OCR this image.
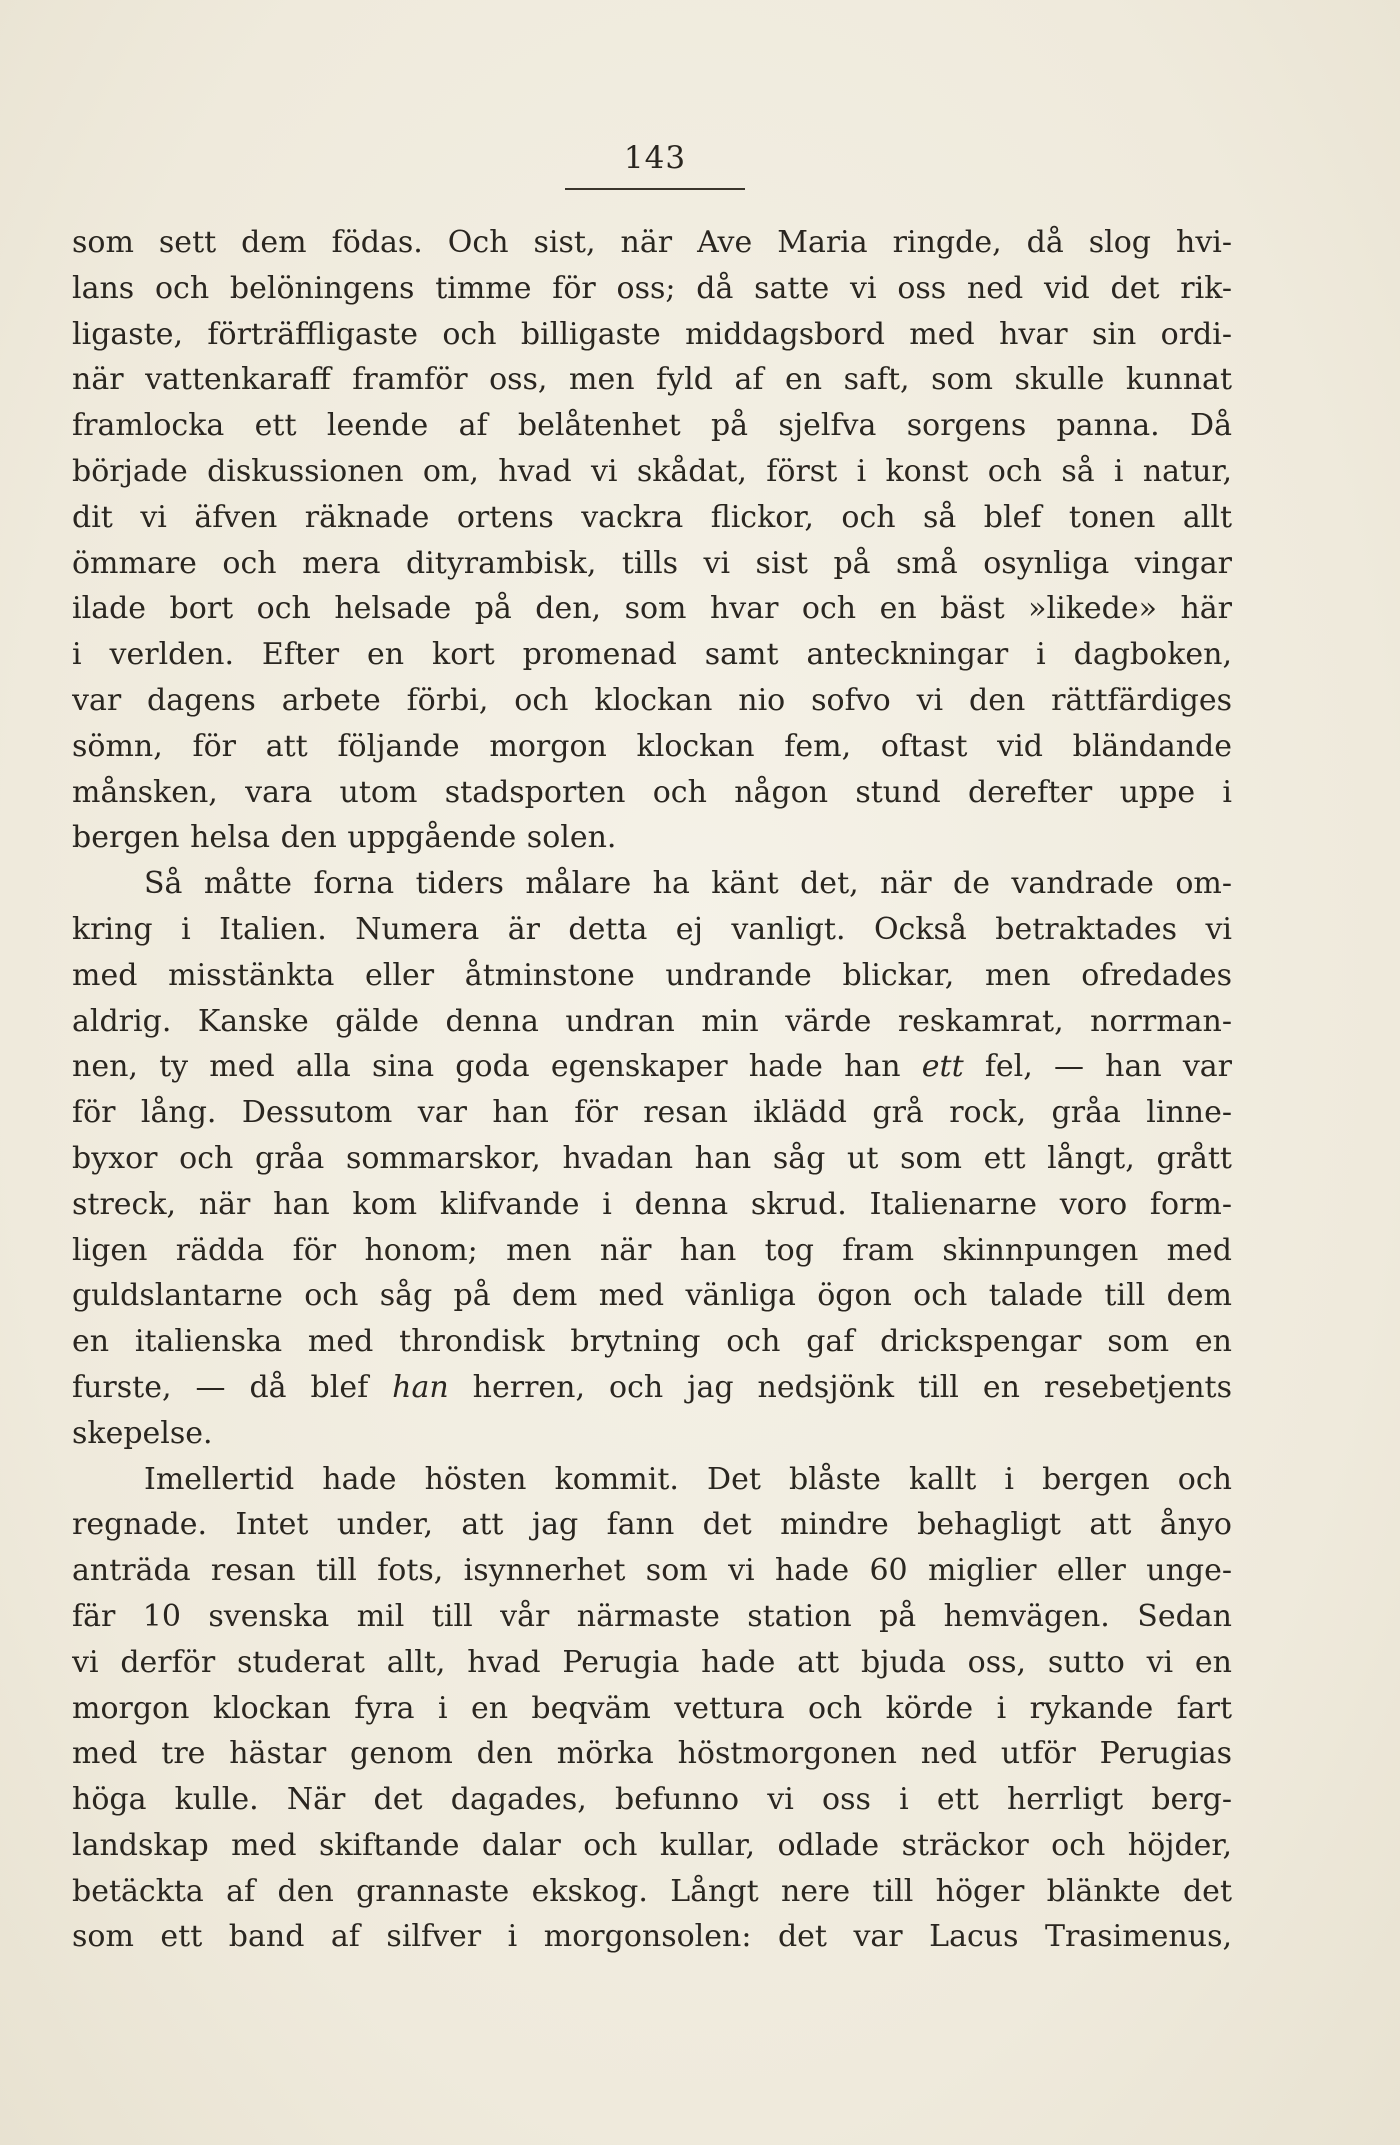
143
som sett dem födas. Och sist, när Ave Maria ringde, då slog hvi-
lans och belöningens timme för oss; då satte vi oss ned vid det rik-
ligaste, förträffligaste och billigaste middagsbord med hvar sin ordi-
när vattenkaraff framför oss, men fyld af en saft, som skulle kunnat
framlocka ett leende af belåtenhet på sjelfva sorgens panna. Då
började diskussionen om, hvad vi skådat, först i konst och så i natur,
dit vi äfven räknade ortens vackra flickor, och så blef tonen allt
ömmare och mera dityrambisk, tills vi sist på små osynliga vingar
ilade bort och helsade på den, som hvar och en bäst »likede» här
i verlden. Efter en kort promenad samt anteckningar i dagboken,
var dagens arbete förbi, och klockan nio sofvo vi den rättfärdiges
sömn, för att följande morgon klockan fem, oftast vid bländande
månsken, vara utom stadsporten och någon stund derefter uppe i
bergen helsa den uppgående solen.
Så måtte forna tiders målare ha känt det, när de vandrade om-
kring i Italien. Numera är detta ej vanligt. Också betraktades vi
med misstänkta eller åtminstone undrande blickar, men ofredades
aldrig. Kanske gälde denna undran min värde reskamrat, norrman-
nen, ty med alla sina goda egenskaper hade han ett fel, — han var
för lång. Dessutom var han för resan iklädd grå rock, gråa linne-
byxor och gråa sommarskor, hvadan han såg ut som ett långt, grått
streck, när han kom klifvande i denna skrud. Italienarne voro form-
ligen rädda för honom; men när han tog fram skinnpungen med
guldslantarne och såg på dem med vänliga ögon och talade till dem
en italienska med throndisk brytning och gaf drickspengar som en
furste, — då blef han herren, och jag nedsjönk till en resebetjents
skepelse.
Imellertid hade hösten kommit. Det blåste kallt i bergen och
regnade. Intet under, att jag fann det mindre behagligt att ånyo
anträda resan till fots, isynnerhet som vi hade 60 miglier eller unge-
fär 10 svenska mil till vår närmaste station på hemvägen. Sedan
vi derför studerat allt, hvad Perugia hade att bjuda oss, sutto vi en
morgon klockan fyra i en beqväm vettura och körde i rykande fart
med tre hästar genom den mörka höstmorgonen ned utför Perugias
höga kulle. När det dagades, befunno vi oss i ett herrligt berg-
landskap med skiftande dalar och kullar, odlade sträckor och höjder,
betäckta af den grannaste ekskog. Långt nere till höger blänkte det
som ett band af silfver i morgonsolen: det var Lacus Trasimenus,
